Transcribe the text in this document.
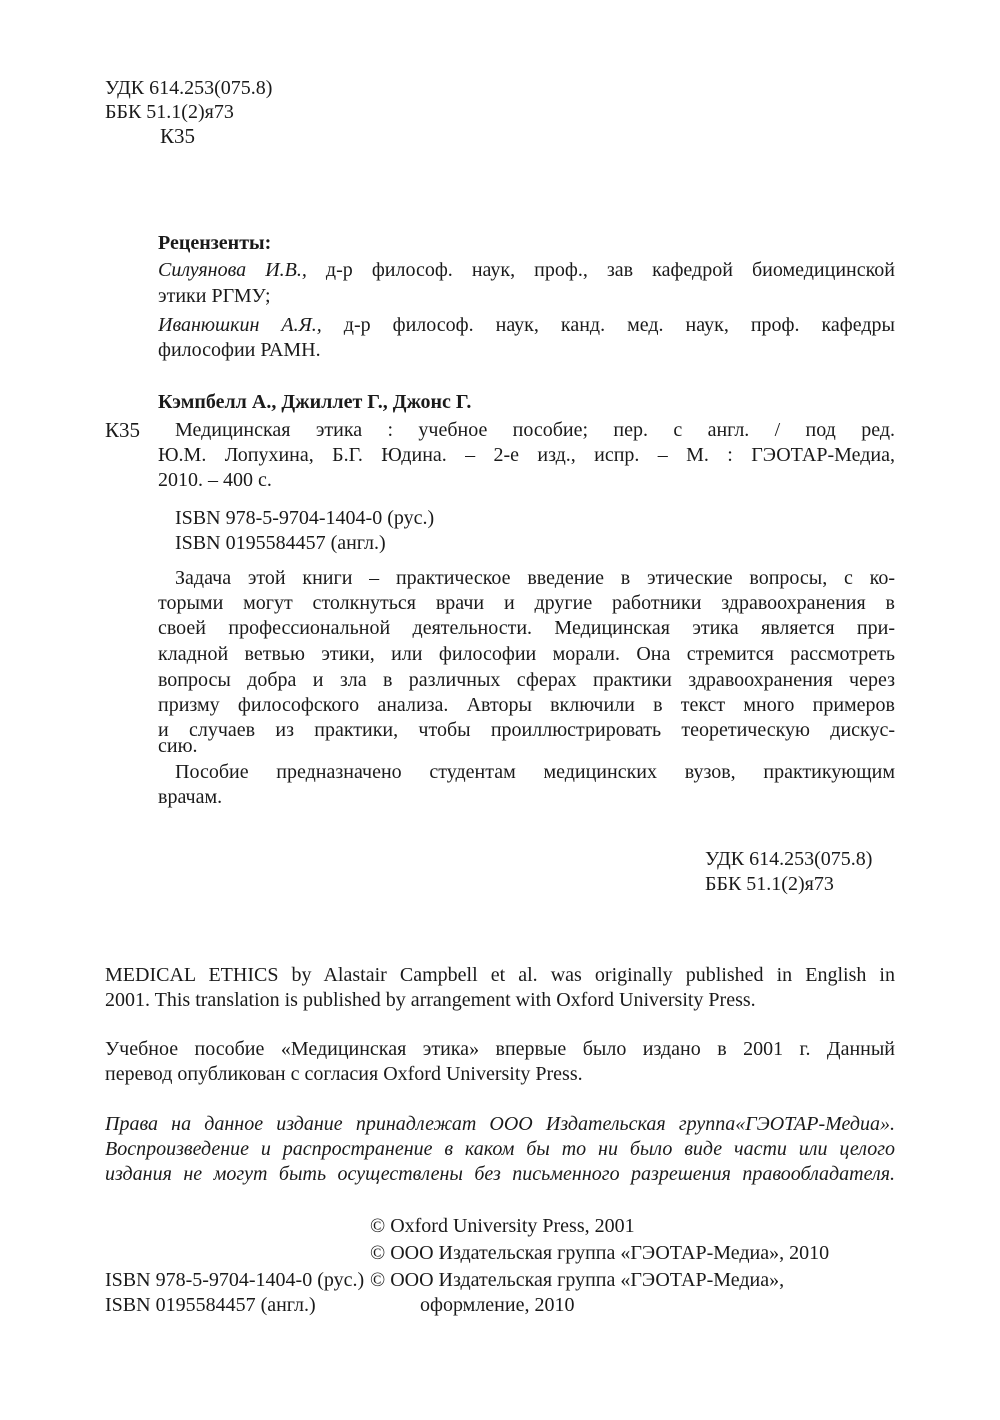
УДК 614.253(075.8)
ББК 51.1(2)я73
К35
Рецензенты:
Силуянова И.В., д-р философ. наук, проф., зав кафедрой биомедицинской
этики РГМУ;
Иванюшкин А.Я., д-р философ. наук, канд. мед. наук, проф. кафедры
философии РАМН.
Кэмпбелл А., Джиллет Г., Джонс Г.
К35 Медицинская этика : учебное пособие; пер. с англ. / под ред.
Ю.М. Лопухина, Б.Г. Юдина. – 2-е изд., испр. – М. : ГЭОТАР-Медиа,
2010. – 400 с.
ISBN 978-5-9704-1404-0 (рус.)
ISBN 0195584457 (англ.)
Задача этой книги – практическое введение в этические вопросы, с ко-
торыми могут столкнуться врачи и другие работники здравоохранения в
своей профессиональной деятельности. Медицинская этика является при-
кладной ветвью этики, или философии морали. Она стремится рассмотреть
вопросы добра и зла в различных сферах практики здравоохранения через
призму философского анализа. Авторы включили в текст много примеров
и случаев из практики, чтобы проиллюстрировать теоретическую дискус-
сию.
Пособие предназначено студентам медицинских вузов, практикующим
врачам.
УДК 614.253(075.8)
ББК 51.1(2)я73
MEDICAL ETHICS by Alastair Campbell et al. was originally published in English in
2001. This translation is published by arrangement with Oxford University Press.
Учебное пособие «Медицинская этика» впервые было издано в 2001 г. Данный
перевод опубликован с согласия Oxford University Press.
Права на данное издание принадлежат ООО Издательская группа«ГЭОТАР-Медиа».
Воспроизведение и распространение в каком бы то ни было виде части или целого
издания не могут быть осуществлены без письменного разрешения правообладателя.
© Oxford University Press, 2001
© ООО Издательская группа «ГЭОТАР-Медиа», 2010
ISBN 978-5-9704-1404-0 (рус.) © ООО Издательская группа «ГЭОТАР-Медиа»,
ISBN 0195584457 (англ.)	оформление, 2010
